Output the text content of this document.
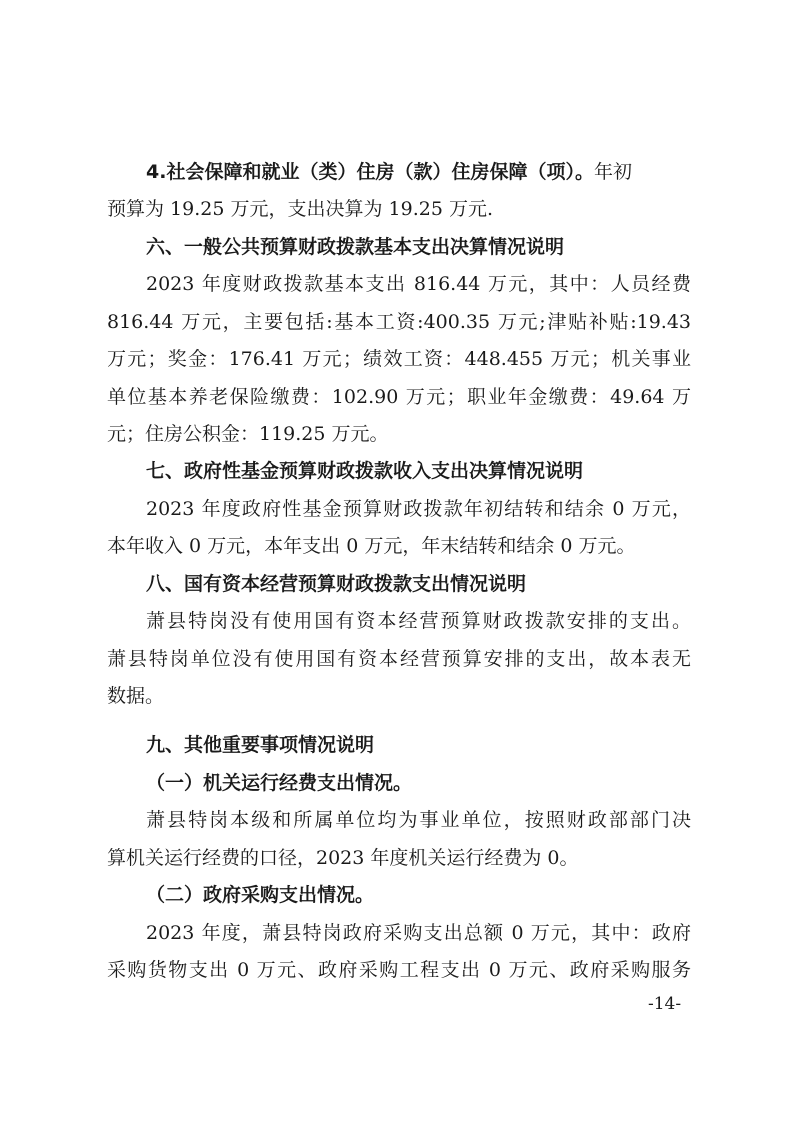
4.社会保障和就业（类）住房（款）住房保障（项）。年初
预算为 19.25 万元，支出决算为 19.25 万元.
六、一般公共预算财政拨款基本支出决算情况说明
2023 年度财政拨款基本支出 816.44 万元，其中：人员经费
816.44 万元，主要包括:基本工资:400.35 万元;津贴补贴:19.43
万元；奖金：176.41 万元；绩效工资：448.455 万元；机关事业
单位基本养老保险缴费：102.90 万元；职业年金缴费：49.64 万
元；住房公积金：119.25 万元。
七、政府性基金预算财政拨款收入支出决算情况说明
2023 年度政府性基金预算财政拨款年初结转和结余 0 万元，
本年收入 0 万元，本年支出 0 万元，年末结转和结余 0 万元。
八、国有资本经营预算财政拨款支出情况说明
萧县特岗没有使用国有资本经营预算财政拨款安排的支出。
萧县特岗单位没有使用国有资本经营预算安排的支出，故本表无
数据。
九、其他重要事项情况说明
（一）机关运行经费支出情况。
萧县特岗本级和所属单位均为事业单位，按照财政部部门决
算机关运行经费的口径，2023 年度机关运行经费为 0。
（二）政府采购支出情况。
2023 年度，萧县特岗政府采购支出总额 0 万元，其中：政府
采购货物支出 0 万元、政府采购工程支出 0 万元、政府采购服务
-14-
